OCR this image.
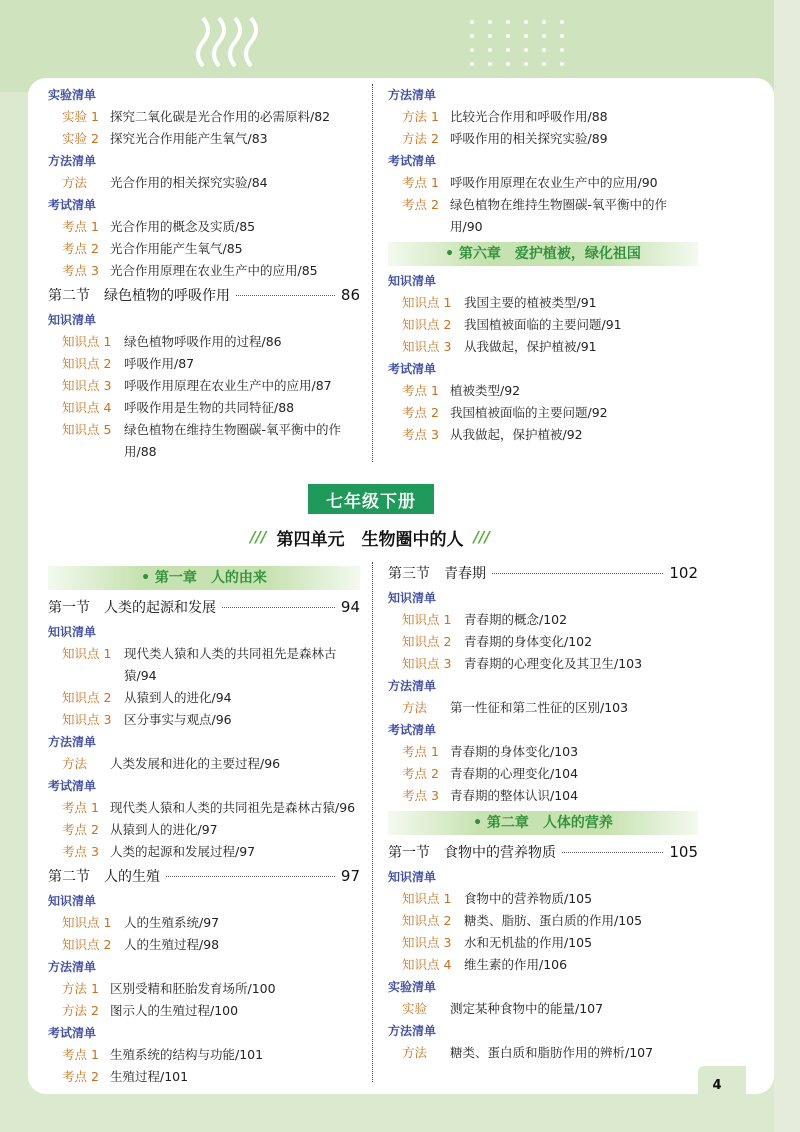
实验清单
实验 1 探究二氧化碳是光合作用的必需原料/82
实验 2 探究光合作用能产生氧气/83
方法清单
方法	光合作用的相关探究实验/84
考试清单
考点 1 光合作用的概念及实质/85
考点 2 光合作用能产生氧气/85
考点 3 光合作用原理在农业生产中的应用/85
第二节　绿色植物的呼吸作用	86
知识清单
知识点 1	绿色植物呼吸作用的过程/86
知识点 2	呼吸作用/87
知识点 3	呼吸作用原理在农业生产中的应用/87
知识点 4	呼吸作用是生物的共同特征/88
知识点 5	绿色植物在维持生物圈碳-氧平衡中的作用/88
方法清单
方法 1 比较光合作用和呼吸作用/88
方法 2 呼吸作用的相关探究实验/89
考试清单
考点 1 呼吸作用原理在农业生产中的应用/90
考点 2 绿色植物在维持生物圈碳-氧平衡中的作用/90
• 第六章　爱护植被，绿化祖国
知识清单
知识点 1	我国主要的植被类型/91
知识点 2	我国植被面临的主要问题/91
知识点 3	从我做起，保护植被/91
考试清单
考点 1 植被类型/92
考点 2 我国植被面临的主要问题/92
考点 3 从我做起，保护植被/92
七年级下册
/// 第四单元　生物圈中的人 ///
• 第一章　人的由来
第一节　人类的起源和发展	94
知识清单
知识点 1	现代类人猿和人类的共同祖先是森林古猿/94
知识点 2	从猿到人的进化/94
知识点 3	区分事实与观点/96
方法清单
方法	人类发展和进化的主要过程/96
考试清单
考点 1 现代类人猿和人类的共同祖先是森林古猿/96
考点 2 从猿到人的进化/97
考点 3 人类的起源和发展过程/97
第二节　人的生殖	97
知识清单
知识点 1	人的生殖系统/97
知识点 2	人的生殖过程/98
方法清单
方法 1 区别受精和胚胎发育场所/100
方法 2 图示人的生殖过程/100
考试清单
考点 1 生殖系统的结构与功能/101
考点 2 生殖过程/101
第三节　青春期	102
知识清单
知识点 1	青春期的概念/102
知识点 2	青春期的身体变化/102
知识点 3	青春期的心理变化及其卫生/103
方法清单
方法	第一性征和第二性征的区别/103
考试清单
考点 1 青春期的身体变化/103
考点 2 青春期的心理变化/104
考点 3 青春期的整体认识/104
• 第二章　人体的营养
第一节　食物中的营养物质	105
知识清单
知识点 1	食物中的营养物质/105
知识点 2	糖类、脂肪、蛋白质的作用/105
知识点 3	水和无机盐的作用/105
知识点 4	维生素的作用/106
实验清单
实验	测定某种食物中的能量/107
方法清单
方法	糖类、蛋白质和脂肪作用的辨析/107
4
